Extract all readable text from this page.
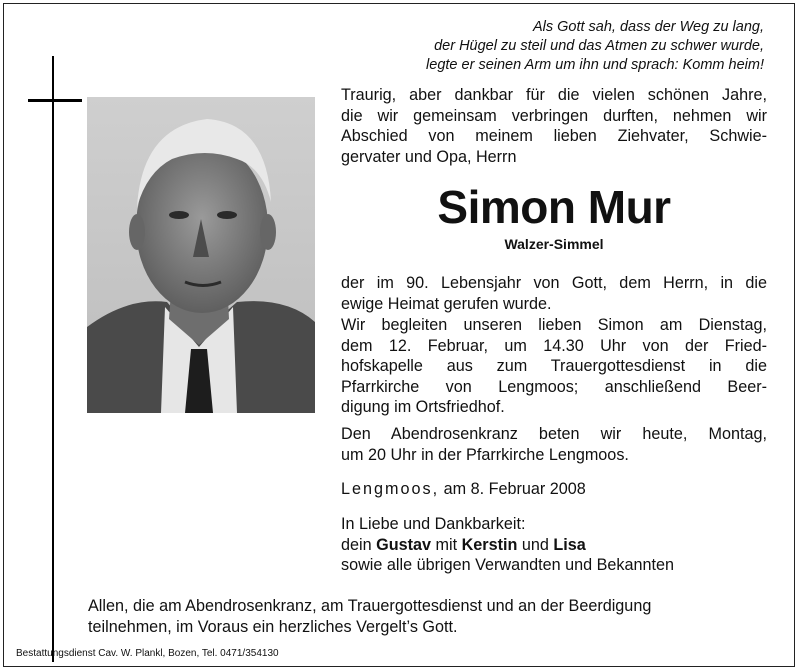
Als Gott sah, dass der Weg zu lang,
der Hügel zu steil und das Atmen zu schwer wurde,
legte er seinen Arm um ihn und sprach: Komm heim!
Traurig, aber dankbar für die vielen schönen Jahre,
die wir gemeinsam verbringen durften, nehmen wir
Abschied von meinem lieben Ziehvater, Schwie-
gervater und Opa, Herrn
Simon Mur
Walzer-Simmel
der im 90. Lebensjahr von Gott, dem Herrn, in die
ewige Heimat gerufen wurde.
Wir begleiten unseren lieben Simon am Dienstag,
dem 12. Februar, um 14.30 Uhr von der Fried-
hofskapelle aus zum Trauergottesdienst in die
Pfarrkirche von Lengmoos; anschließend Beer-
digung im Ortsfriedhof.
Den Abendrosenkranz beten wir heute, Montag,
um 20 Uhr in der Pfarrkirche Lengmoos.
Lengmoos, am 8. Februar 2008
In Liebe und Dankbarkeit:
dein Gustav mit Kerstin und Lisa
sowie alle übrigen Verwandten und Bekannten
Allen, die am Abendrosenkranz, am Trauergottesdienst und an der Beerdigung
teilnehmen, im Voraus ein herzliches Vergelt’s Gott.
Bestattungsdienst Cav. W. Plankl, Bozen, Tel. 0471/354130
